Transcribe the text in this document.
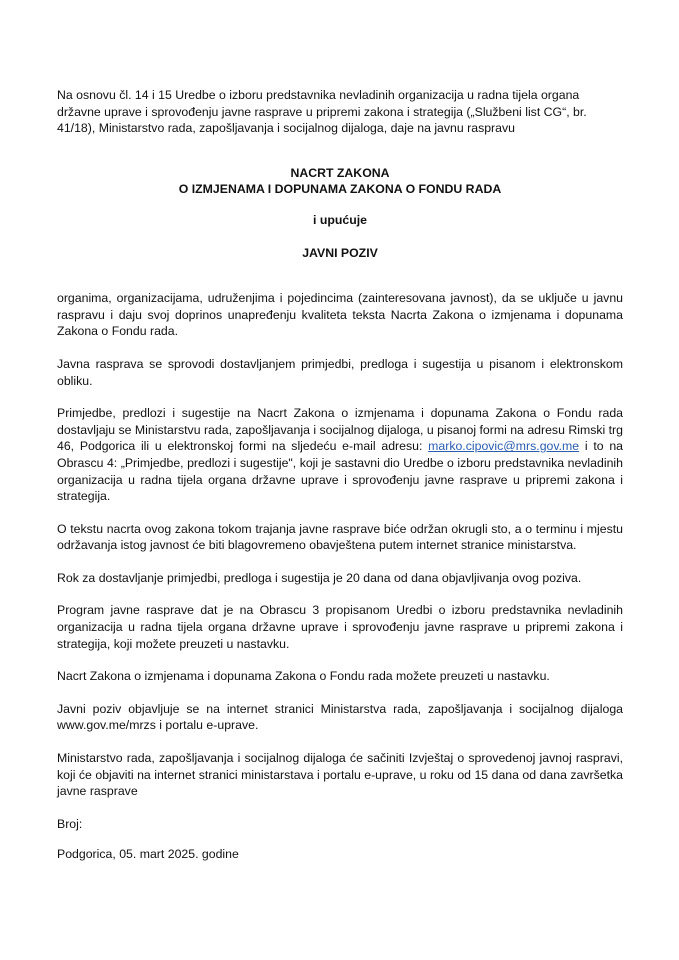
Na osnovu čl. 14 i 15 Uredbe o izboru predstavnika nevladinih organizacija u radna tijela organa državne uprave i sprovođenju javne rasprave u pripremi zakona i strategija („Službeni list CG“, br. 41/18), Ministarstvo rada, zapošljavanja i socijalnog dijaloga, daje na javnu raspravu

NACRT ZAKONA
O IZMJENAMA I DOPUNAMA ZAKONA O FONDU RADA
i upućuje
JAVNI POZIV

organima, organizacijama, udruženjima i pojedincima (zainteresovana javnost), da se uključe u javnu raspravu i daju svoj doprinos unapređenju kvaliteta teksta Nacrta Zakona o izmjenama i dopunama Zakona o Fondu rada.

Javna rasprava se sprovodi dostavljanjem primjedbi, predloga i sugestija u pisanom i elektronskom obliku.

Primjedbe, predlozi i sugestije na Nacrt Zakona o izmjenama i dopunama Zakona o Fondu rada dostavljaju se Ministarstvu rada, zapošljavanja i socijalnog dijaloga, u pisanoj formi na adresu Rimski trg 46, Podgorica ili u elektronskoj formi na sljedeću e-mail adresu: marko.cipovic@mrs.gov.me i to na Obrascu 4: „Primjedbe, predlozi i sugestije", koji je sastavni dio Uredbe o izboru predstavnika nevladinih organizacija u radna tijela organa državne uprave i sprovođenju javne rasprave u pripremi zakona i strategija.

O tekstu nacrta ovog zakona tokom trajanja javne rasprave biće održan okrugli sto, a o terminu i mjestu održavanja istog javnost će biti blagovremeno obavještena putem internet stranice ministarstva.

Rok za dostavljanje primjedbi, predloga i sugestija je 20 dana od dana objavljivanja ovog poziva.

Program javne rasprave dat je na Obrascu 3 propisanom Uredbi o izboru predstavnika nevladinih organizacija u radna tijela organa državne uprave i sprovođenju javne rasprave u pripremi zakona i strategija, koji možete preuzeti u nastavku.

Nacrt Zakona o izmjenama i dopunama Zakona o Fondu rada možete preuzeti u nastavku.

Javni poziv objavljuje se na internet stranici Ministarstva rada, zapošljavanja i socijalnog dijaloga www.gov.me/mrzs i portalu e-uprave.

Ministarstvo rada, zapošljavanja i socijalnog dijaloga će sačiniti Izvještaj o sprovedenoj javnoj raspravi, koji će objaviti na internet stranici ministarstava i portalu e-uprave, u roku od 15 dana od dana završetka javne rasprave

Broj:

Podgorica, 05. mart 2025. godine
